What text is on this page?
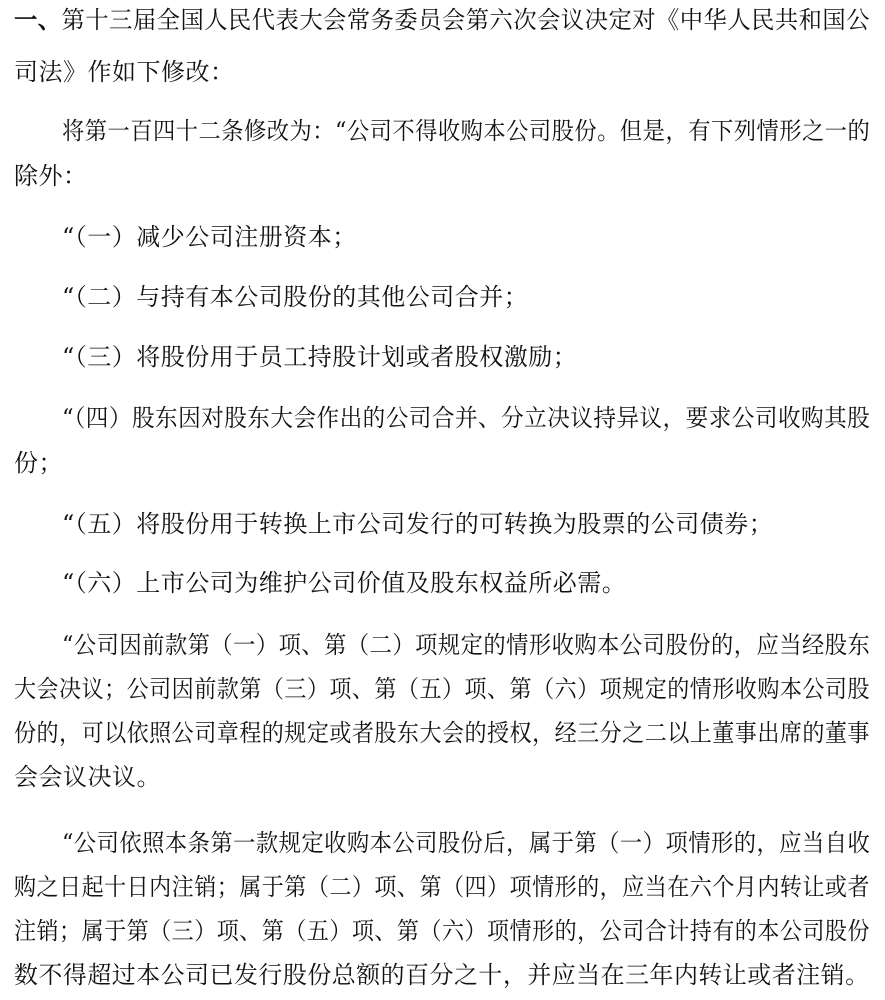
一、第十三届全国人民代表大会常务委员会第六次会议决定对《中华人民共和国公
司法》作如下修改：
将第一百四十二条修改为：“公司不得收购本公司股份。但是，有下列情形之一的
除外：
“（一）减少公司注册资本；
“（二）与持有本公司股份的其他公司合并；
“（三）将股份用于员工持股计划或者股权激励；
“（四）股东因对股东大会作出的公司合并、分立决议持异议，要求公司收购其股
份；
“（五）将股份用于转换上市公司发行的可转换为股票的公司债券；
“（六）上市公司为维护公司价值及股东权益所必需。
“公司因前款第（一）项、第（二）项规定的情形收购本公司股份的，应当经股东
大会决议；公司因前款第（三）项、第（五）项、第（六）项规定的情形收购本公司股
份的，可以依照公司章程的规定或者股东大会的授权，经三分之二以上董事出席的董事
会会议决议。
“公司依照本条第一款规定收购本公司股份后，属于第（一）项情形的，应当自收
购之日起十日内注销；属于第（二）项、第（四）项情形的，应当在六个月内转让或者
注销；属于第（三）项、第（五）项、第（六）项情形的，公司合计持有的本公司股份
数不得超过本公司已发行股份总额的百分之十，并应当在三年内转让或者注销。
